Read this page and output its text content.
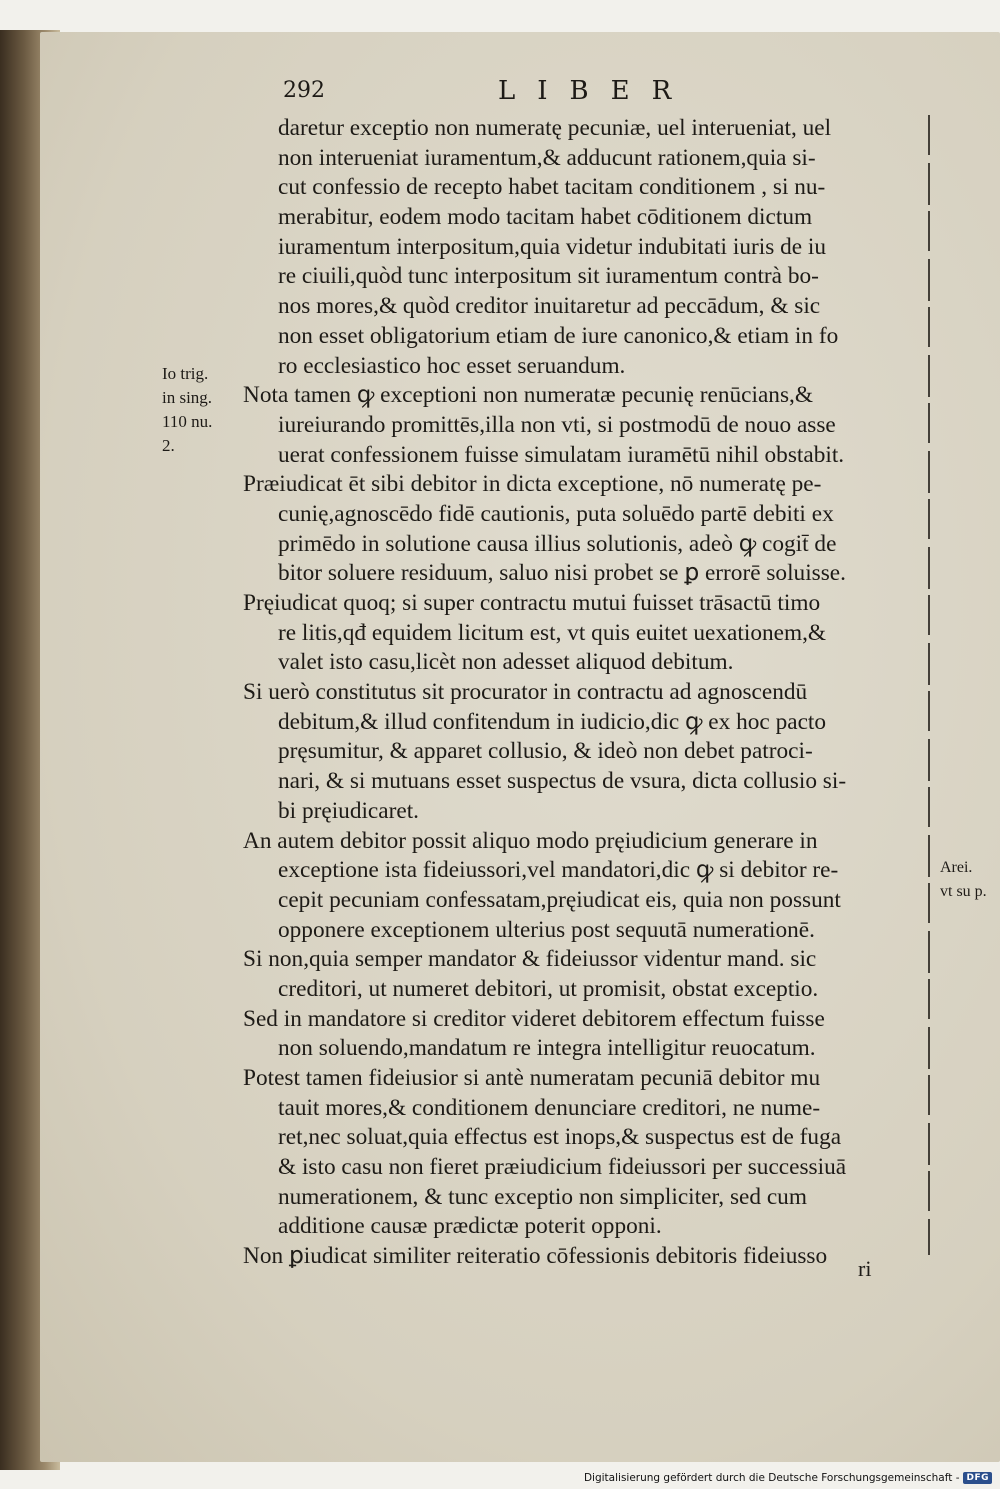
292	LIBER
Io trig.
in sing.
110 nu.
2.
Arei.
vt su p.
daretur exceptio non numeratę pecuniæ, uel interueniat, uel
non interueniat iuramentum,& adducunt rationem,quia si-
cut confessio de recepto habet tacitam conditionem , si nu-
merabitur, eodem modo tacitam habet cōditionem dictum
iuramentum interpositum,quia videtur indubitati iuris de iu
re ciuili,quòd tunc interpositum sit iuramentum contrà bo-
nos mores,& quòd creditor inuitaretur ad peccādum, & sic
non esset obligatorium etiam de iure canonico,& etiam in fo
ro ecclesiastico hoc esset seruandum.
Nota tamen ꝙ exceptioni non numeratæ pecunię renūcians,&
iureiurando promittēs,illa non vti, si postmodū de nouo asse
uerat confessionem fuisse simulatam iuramētū nihil obstabit.
Præiudicat ēt sibi debitor in dicta exceptione, nō numeratę pe-
cunię,agnoscēdo fidē cautionis, puta soluēdo partē debiti ex
primēdo in solutione causa illius solutionis, adeò ꝙ cogit̄ de
bitor soluere residuum, saluo nisi probet se ꝑ errorē soluisse.
Pręiudicat quoq; si super contractu mutui fuisset trāsactū timo
re litis,qđ equidem licitum est, vt quis euitet uexationem,&
valet isto casu,licèt non adesset aliquod debitum.
Si uerò constitutus sit procurator in contractu ad agnoscendū
debitum,& illud confitendum in iudicio,dic ꝙ ex hoc pacto
pręsumitur, & apparet collusio, & ideò non debet patroci-
nari, & si mutuans esset suspectus de vsura, dicta collusio si-
bi pręiudicaret.
An autem debitor possit aliquo modo pręiudicium generare in
exceptione ista fideiussori,vel mandatori,dic ꝙ si debitor re-
cepit pecuniam confessatam,pręiudicat eis, quia non possunt
opponere exceptionem ulterius post sequutā numerationē.
Si non,quia semper mandator & fideiussor videntur mand. sic
creditori, ut numeret debitori, ut promisit, obstat exceptio.
Sed in mandatore si creditor videret debitorem effectum fuisse
non soluendo,mandatum re integra intelligitur reuocatum.
Potest tamen fideiusior si antè numeratam pecuniā debitor mu
tauit mores,& conditionem denunciare creditori, ne nume-
ret,nec soluat,quia effectus est inops,& suspectus est de fuga
& isto casu non fieret præiudicium fideiussori per successiuā
numerationem, & tunc exceptio non simpliciter, sed cum
additione causæ prædictæ poterit opponi.
Non ꝑiudicat similiter reiteratio cōfessionis debitoris fideiusso	ri
Digitalisierung gefördert durch die Deutsche Forschungsgemeinschaft - DFG
